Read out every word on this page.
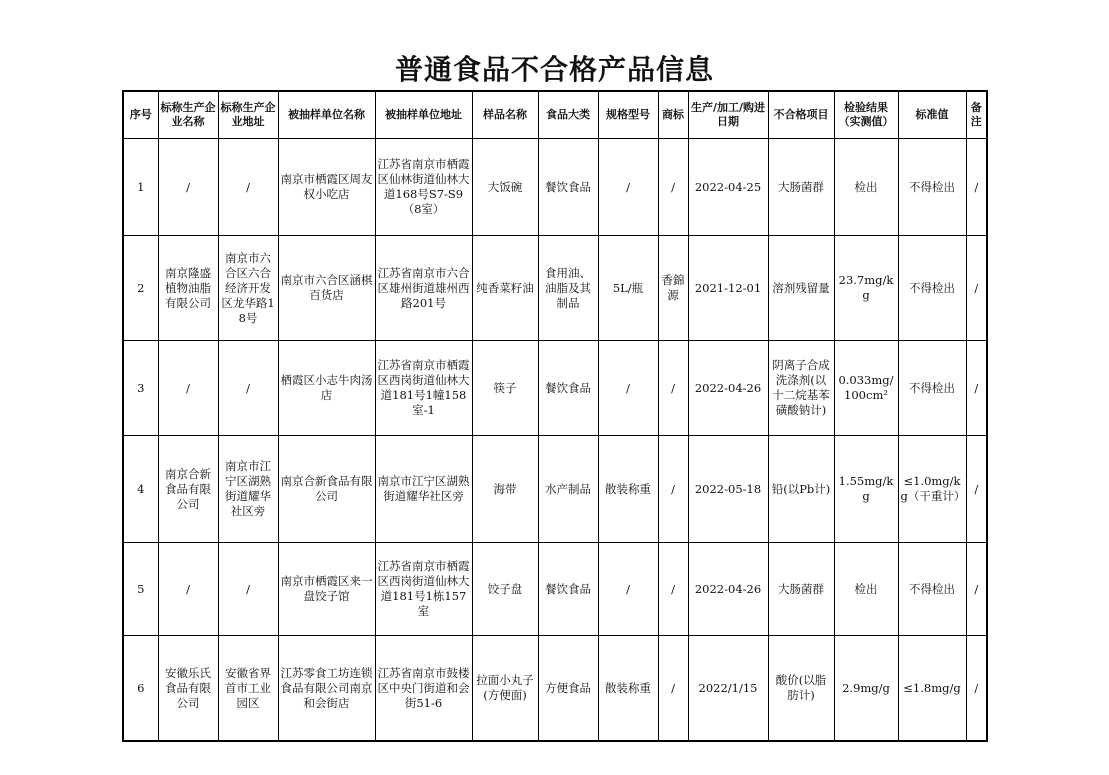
普通食品不合格产品信息
序号	标称生产企业名称	标称生产企业地址	被抽样单位名称	被抽样单位地址	样品名称	食品大类	规格型号	商标	生产/加工/购进日期	不合格项目	检验结果（实测值）	标准值	备注
1	/	/	南京市栖霞区周友权小吃店	江苏省南京市栖霞区仙林街道仙林大道168号S7-S9（8室）	大饭碗	餐饮食品	/	/	2022-04-25	大肠菌群	检出	不得检出	/
2	南京隆盛植物油脂有限公司	南京市六合区六合经济开发区龙华路18号	南京市六合区涵棋百货店	江苏省南京市六合区雄州街道雄州西路201号	纯香菜籽油	食用油、油脂及其制品	5L/瓶	香錦源	2021-12-01	溶剂残留量	23.7mg/kg	不得检出	/
3	/	/	栖霞区小志牛肉汤店	江苏省南京市栖霞区西岗街道仙林大道181号1幢158室-1	筷子	餐饮食品	/	/	2022-04-26	阴离子合成洗涤剂(以十二烷基苯磺酸钠计)	0.033mg/100cm²	不得检出	/
4	南京合新食品有限公司	南京市江宁区湖熟街道耀华社区旁	南京合新食品有限公司	南京市江宁区湖熟街道耀华社区旁	海带	水产制品	散装称重	/	2022-05-18	铅(以Pb计)	1.55mg/kg	≤1.0mg/kg（干重计）	/
5	/	/	南京市栖霞区来一盘饺子馆	江苏省南京市栖霞区西岗街道仙林大道181号1栋157室	饺子盘	餐饮食品	/	/	2022-04-26	大肠菌群	检出	不得检出	/
6	安徽乐氏食品有限公司	安徽省界首市工业园区	江苏零食工坊连锁食品有限公司南京和会街店	江苏省南京市鼓楼区中央门街道和会街51-6	拉面小丸子(方便面)	方便食品	散装称重	/	2022/1/15	酸价(以脂肪计)	2.9mg/g	≤1.8mg/g	/
